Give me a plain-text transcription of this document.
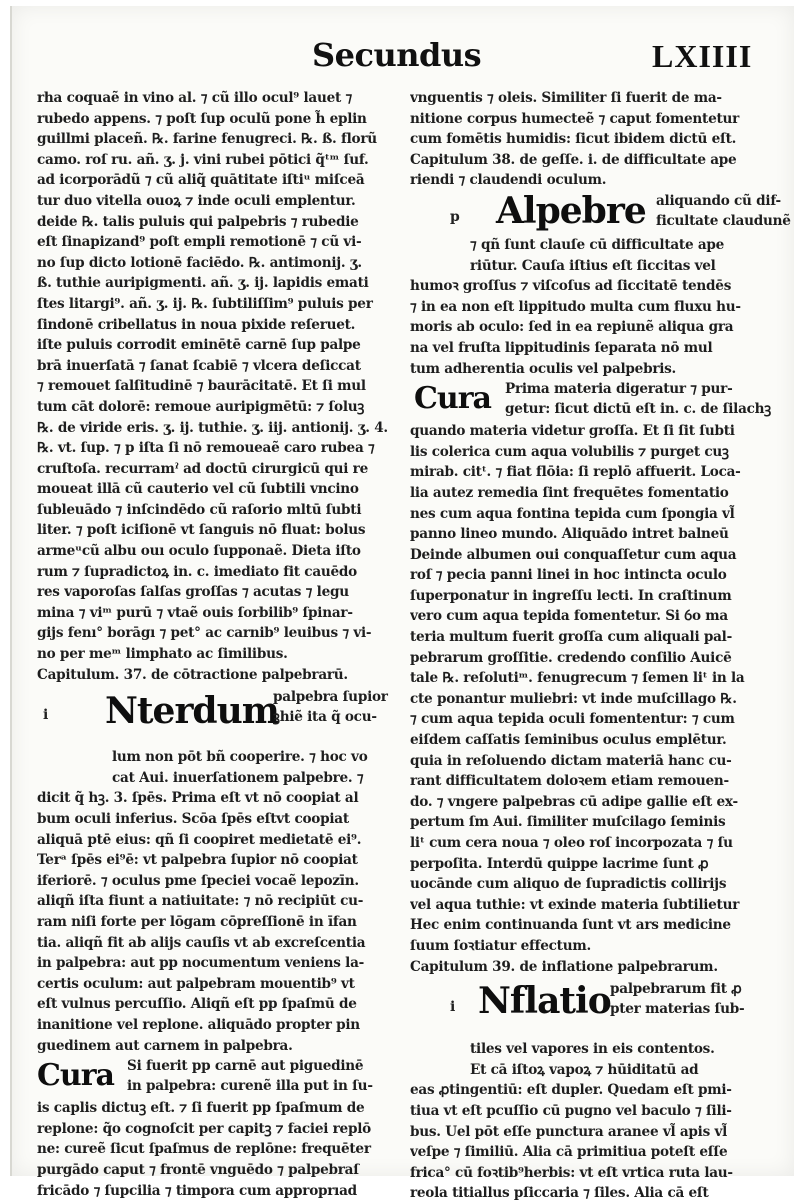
Secundus	LXIIII
rha coquaẽ in vino al. ⁊ cũ illo ocul⁹ lauet ⁊
rubedo appens. ⁊ poſt ſup oculũ pone h̃ eplin
guillmi placeñ. ℞. farine fenugreci. ℞. ß. florũ
camo. roſ ru. añ. ʒ. j. vini rubei pōtici q̃ᵗᵐ ſuf.
ad icorporādũ ⁊ cũ aliq̃ quātitate iſtiᵘ miſceā
tur duo vitella ouoꝝ ⁊ inde oculi emplentur.
deide ℞. talis puluis qui palpebris ⁊ rubedie
eſt ſinapizand⁹ poſt empli remotionē ⁊ cũ vi-
no ſup dicto lotionē faciēdo. ℞. antimonij. ʒ.
ß. tuthie auripigmenti. añ. ʒ. ij. lapidis emati
ſtes litargi⁹. añ. ʒ. ij. ℞. ſubtiliſſim⁹ puluis per
ſindonē cribellatus in noua pixide reſeruet.
iſte puluis corrodit eminētē carnē ſup palpe
brā inuerſatā ⁊ ſanat ſcabiē ⁊ vlcera deſiccat
⁊ remouet ſalſitudinē ⁊ baurācitatē. Et ſi mul
tum cāt dolorē: remoue auripigmētū: ⁊ ſoluꝫ
℞. de viride eris. ʒ. ij. tuthie. ʒ. iij. antionij. ʒ. 4.
℞. vt. ſup. ⁊ p iſta ſi nō remoueaẽ caro rubea ⁊
cruſtoſa. recurramˀ ad doctū cirurgicū qui re
moueat illā cũ cauterio vel cũ ſubtili vncino
ſubleuādo ⁊ inſcindēdo cũ raſorio mltū ſubti
liter. ⁊ poſt iciſionē vt ſanguis nō fluat: bolus
armeᵘcũ albu ouı oculo ſupponaẽ. Dieta iſto
rum ⁊ ſupradictoꝝ in. c. imediato fit cauēdo
res vaporoſas ſalſas groſſas ⁊ acutas ⁊ legu
mina ⁊ viᵐ purū ⁊ vtaẽ ouis ſorbilib⁹ ſpinar-
gijs fenı° borāgı ⁊ pet° ac carnib⁹ leuibus ⁊ vi-
no per meᵐ limphato ac ſimilibus.
Capitulum. 37. de cōtractione palpebrarū.
i Nterdum
palpebra ſupior
ꝫhiẽ ita q̃ ocu-
lum non pōt bñ cooperire. ⁊ hoc vo
cat Aui. inuerſationem palpebre. ⁊
dicit q̃ hꝫ. 3. ſpēs. Prima eſt vt nō coopiat al
bum oculi inferius. Scōa ſpēs eſtvt coopiat
aliquā ptē eius: qñ ſi coopiret medietatē ei⁹.
Terᵃ ſpēs ei⁹ē: vt palpebra ſupior nō coopiat
iferiorē. ⁊ oculus pme ſpeciei vocaẽ lepozīn.
aliqñ iſta fiunt a natiuitate: ⁊ nō recipiūt cu-
ram niſi forte per lōgam cōpreſſionē in īfan
tia. aliqñ fit ab alijs cauſis vt ab excreſcentia
in palpebra: aut pp nocumentum veniens la-
certis oculum: aut palpebram mouentib⁹ vt
eſt vulnus percuſſio. Aliqñ eſt pp ſpaſmū de
inanitione vel replone. aliquādo propter pin
guedinem aut carnem in palpebra.
Cura Si fuerit pp carnē aut piguedinē
in palpebra: curenẽ illa put in ſu-
is caplis dictuꝫ eſt. ⁊ ſi fuerit pp ſpaſmum de
replone: q̃o cognoſcit per capitꝫ ⁊ faciei replō
ne: cureẽ ſicut ſpaſmus de replōne: frequēter
purgādo caput ⁊ frontē vnguēdo ⁊ palpebraſ
fricādo ⁊ ſupcilia ⁊ timpora cum approprıad
vnguentis ⁊ oleis. Similiter ſi fuerit de ma-
nitione corpus humecteẽ ⁊ caput fomentetur
cum fomētis humidis: ſicut ibidem dictū eſt.
Capitulum 38. de geſſe. i. de difficultate ape
riendi ⁊ claudendi oculum.
p Alpebre aliquando cũ dif-
ficultate claudunẽ
⁊ qñ ſunt clauſe cū difficultate ape
riūtur. Cauſa iſtius eſt ſiccitas vel
humoꝛ groſſus ⁊ viſcoſus ad ſiccitatē tendēs
⁊ in ea non eſt lippitudo multa cum fluxu hu-
moris ab oculo: ſed in ea repiunẽ aliqua gra
na vel fruſta lippitudinis ſeparata nō mul
tum adherentia oculis vel palpebris.
Cura Prima materia digeratur ⁊ pur-
getur: ſicut dictū eſt in. c. de ſilachꝫ
quando materia videtur groſſa. Et ſi ſit ſubti
lis colerica cum aqua volubilis ⁊ purget cuꝫ
mirab. citᵗ. ⁊ fiat flōia: ſi replō affuerit. Loca-
lia autez remedia ſint frequētes fomentatio
nes cum aqua fontina tepida cum ſpongia vl̃
panno lineo mundo. Aliquādo intret balneū
Deinde albumen oui conquaſſetur cum aqua
roſ ⁊ pecia panni linei in hoc intincta oculo
ſuperponatur in ingreſſu lecti. In craſtinum
vero cum aqua tepida fomentetur. Si ỽo ma
teria multum fuerit groſſa cum aliquali pal-
pebrarum groſſitie. credendo conſilio Auicē
tale ℞. reſolutiᵐ. fenugrecum ⁊ ſemen liᵗ in la
cte ponantur muliebri: vt inde muſcillago ℞.
⁊ cum aqua tepida oculi fomententur: ⁊ cum
eiſdem caſſatis ſeminibus oculus emplētur.
quia in reſoluendo dictam materiā hanc cu-
rant difficultatem doloꝛem etiam remouen-
do. ⁊ vngere palpebras cū adipe gallie eſt ex-
pertum ſm Aui. ſimiliter muſcilago ſeminis
liᵗ cum cera noua ⁊ oleo roſ incorpozata ⁊ ſu
perpoſita. Interdū quippe lacrime ſunt ꝓ
uocānde cum aliquo de ſupradictis collirijs
vel aqua tuthie: vt exinde materia ſubtilietur
Hec enim continuanda ſunt vt ars medicine
ſuum ſoꝛtiatur effectum.
Capitulum 39. de inflatione palpebrarum.
i Nflatio palpebrarum fit ꝓ
pter materias ſub-
tiles vel vapores in eis contentos.
Et cā iſtoꝝ vapoꝝ ⁊ hūiditatū ad
eas ꝓtingentiū: eſt dupler. Quedam eſt pmi-
tiua vt eſt pcuſſio cū pugno vel baculo ⁊ ſili-
bus. Uel pōt eſſe punctura aranee vl̃ apis vl̃
veſpe ⁊ ſimiliū. Alia cā primitiua poteſt eſſe
frica° cū foꝛtib⁹herbis: vt eſt vrtica ruta lau-
reola titiallus pſiccaria ⁊ ſiles. Alia cā eſt
